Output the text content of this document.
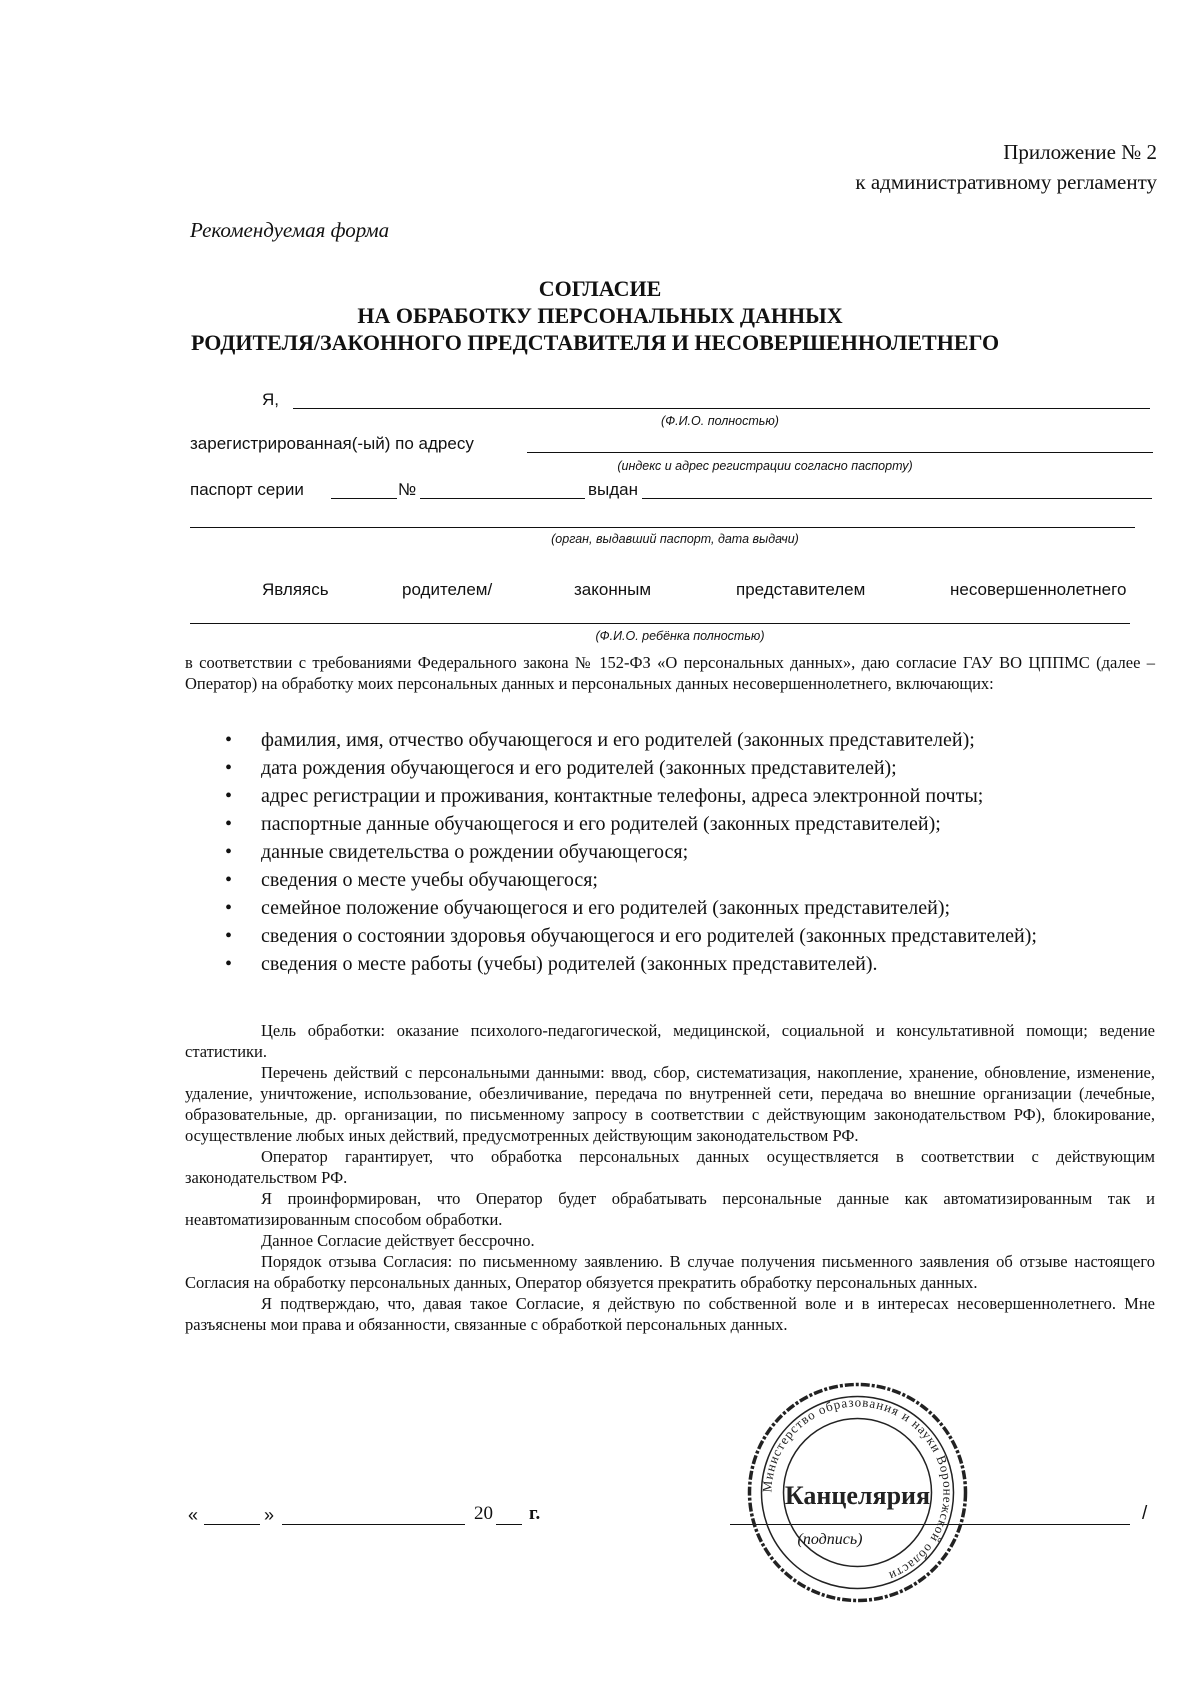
Приложение № 2
к административному регламенту
Рекомендуемая форма
СОГЛАСИЕ
НА ОБРАБОТКУ ПЕРСОНАЛЬНЫХ ДАННЫХ
РОДИТЕЛЯ/ЗАКОННОГО ПРЕДСТАВИТЕЛЯ И НЕСОВЕРШЕННОЛЕТНЕГО
Я,
(Ф.И.О. полностью)
зарегистрированная(-ый) по адресу
(индекс и адрес регистрации согласно паспорту)
паспорт серии	№	выдан
(орган, выдавший паспорт, дата выдачи)
Являясь	родителем/	законным	представителем	несовершеннолетнего
(Ф.И.О. ребёнка полностью)
в соответствии с требованиями Федерального закона № 152-ФЗ «О персональных данных», даю согласие ГАУ ВО ЦППМС (далее – Оператор) на обработку моих персональных данных и персональных данных несовершеннолетнего, включающих:
• фамилия, имя, отчество обучающегося и его родителей (законных представителей);
• дата рождения обучающегося и его родителей (законных представителей);
• адрес регистрации и проживания, контактные телефоны, адреса электронной почты;
• паспортные данные обучающегося и его родителей (законных представителей);
• данные свидетельства о рождении обучающегося;
• сведения о месте учебы обучающегося;
• семейное положение обучающегося и его родителей (законных представителей);
• сведения о состоянии здоровья обучающегося и его родителей (законных представителей);
• сведения о месте работы (учебы) родителей (законных представителей).

Цель обработки: оказание психолого-педагогической, медицинской, социальной и консультативной помощи; ведение статистики.

Перечень действий с персональными данными: ввод, сбор, систематизация, накопление, хранение, обновление, изменение, удаление, уничтожение, использование, обезличивание, передача по внутренней сети, передача во внешние организации (лечебные, образовательные, др. организации, по письменному запросу в соответствии с действующим законодательством РФ), блокирование, осуществление любых иных действий, предусмотренных действующим законодательством РФ.

Оператор гарантирует, что обработка персональных данных осуществляется в соответствии с действующим законодательством РФ.

Я проинформирован, что Оператор будет обрабатывать персональные данные как автоматизированным так и неавтоматизированным способом обработки.

Данное Согласие действует бессрочно.

Порядок отзыва Согласия: по письменному заявлению. В случае получения письменного заявления об отзыве настоящего Согласия на обработку персональных данных, Оператор обязуется прекратить обработку персональных данных.

Я подтверждаю, что, давая такое Согласие, я действую по собственной воле и в интересах несовершеннолетнего. Мне разъяснены мои права и обязанности, связанные с обработкой персональных данных.

«	»	20 г.	/
(подпись)
Министерство образования и науки Воронежской области
Канцелярия
